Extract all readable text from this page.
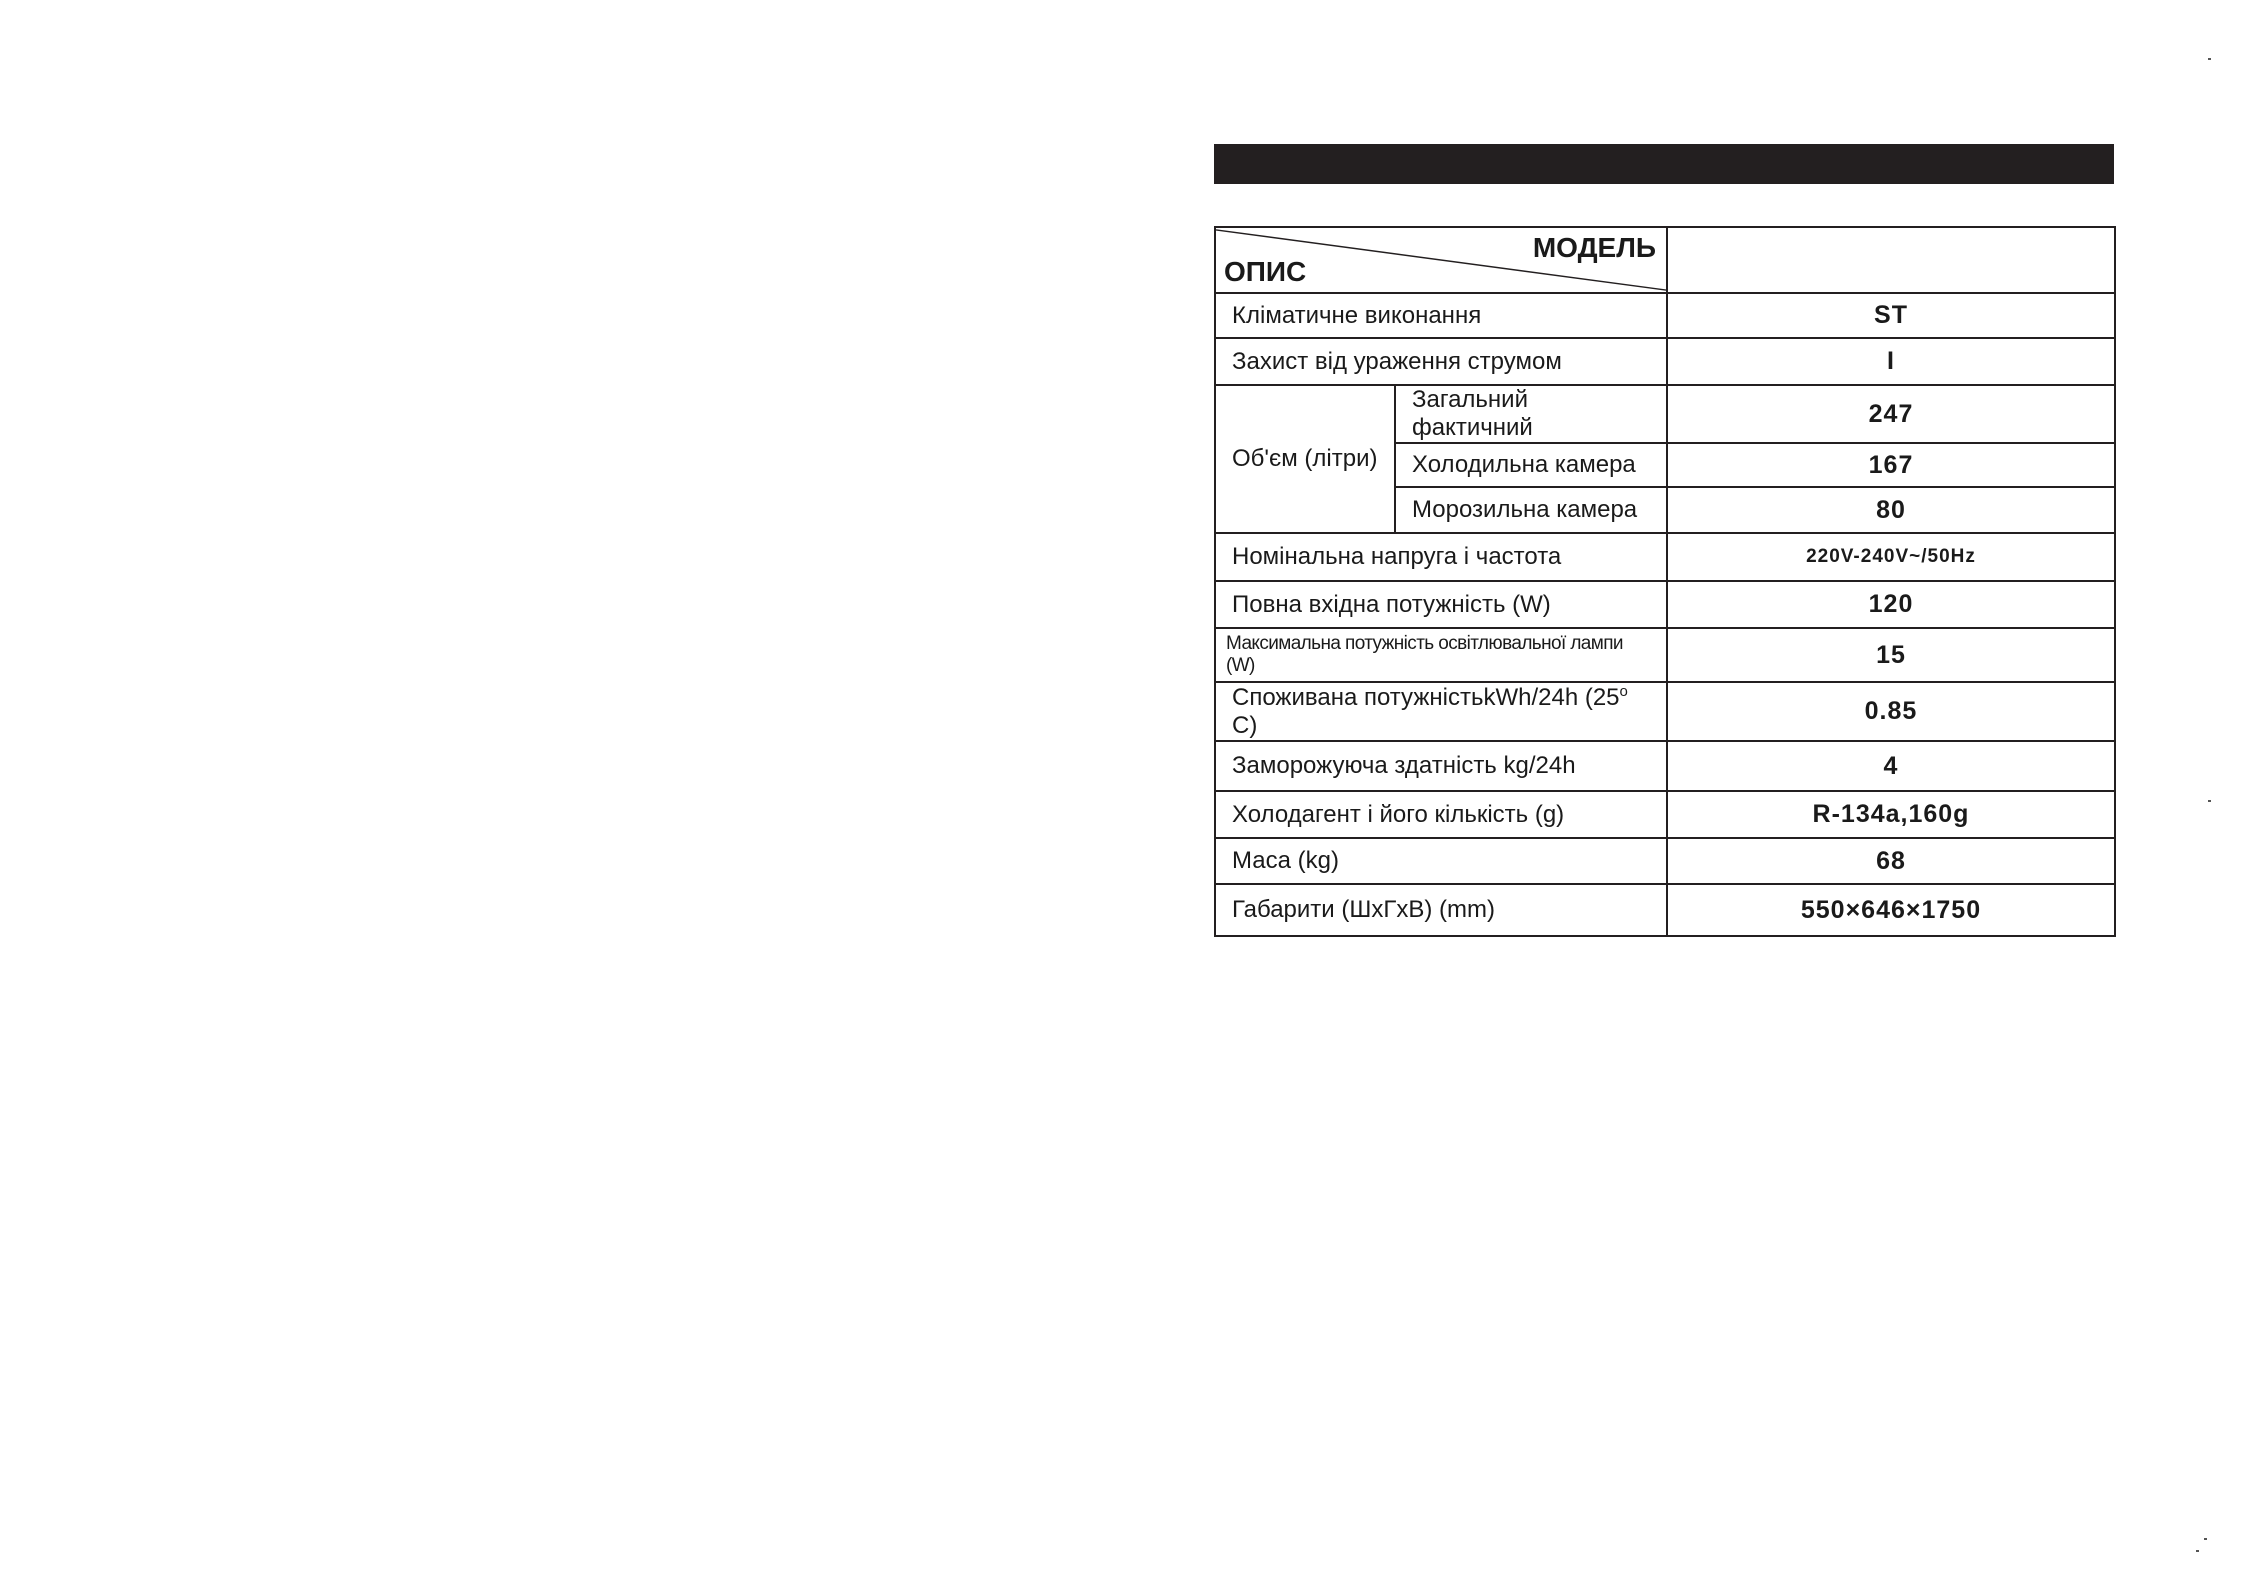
МОДЕЛЬ
ОПИС		

Кліматичне виконання		ST
Захист від ураження струмом		I
Об'єм (літри)	Загальний фактичний	247
	Холодильна камера	167
	Морозильна камера	80
Номінальна напруга і частота		220V-240V~/50Hz
Повна вхідна потужність (W)		120
Максимальна потужність освітлювальної лампи (W)		15
Споживана потужністьkWh/24h (25$^o$ C)		0.85
Заморожуюча здатність kg/24h		4
Холодагент і його кількість (g)		R-134a,160g
Маса (kg)		68
Габарити (ШхГхВ) (mm)		550×646×1750
